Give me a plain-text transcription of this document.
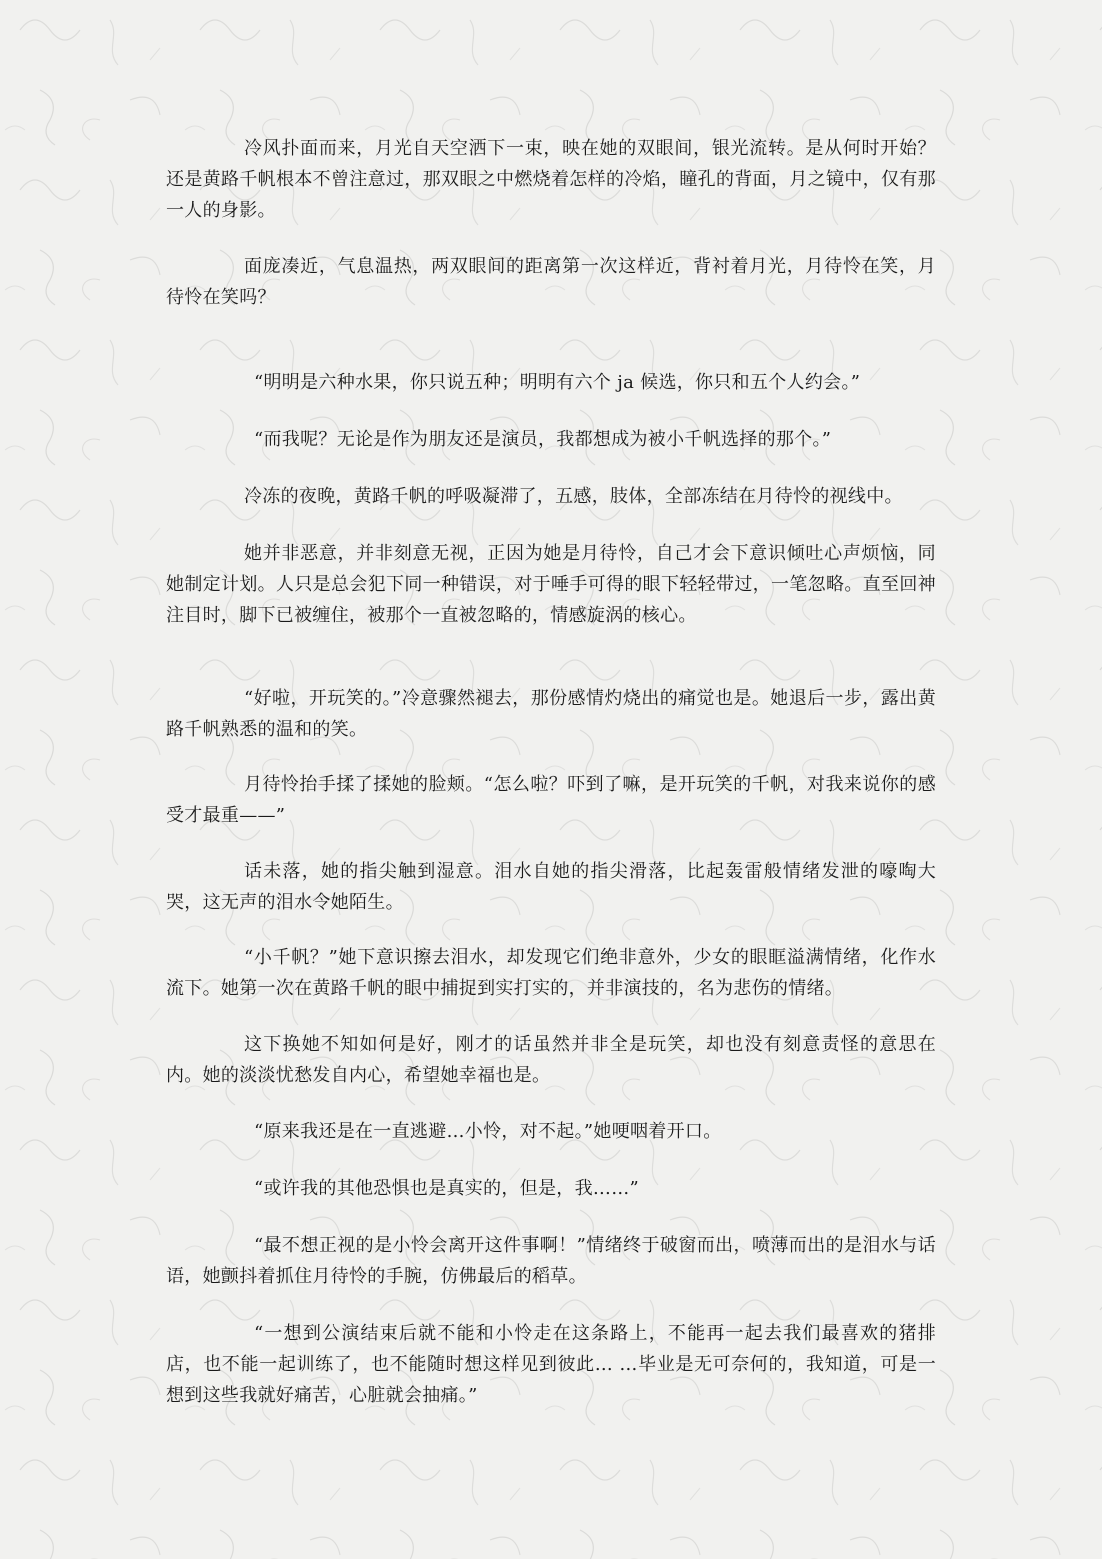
冷风扑面而来，月光自天空洒下一束，映在她的双眼间，银光流转。是从何时开始？还是黄路千帆根本不曾注意过，那双眼之中燃烧着怎样的冷焰，瞳孔的背面，月之镜中，仅有那一人的身影。

面庞凑近，气息温热，两双眼间的距离第一次这样近，背衬着月光，月待怜在笑，月待怜在笑吗？

“明明是六种水果，你只说五种；明明有六个 ja 候选，你只和五个人约会。”

“而我呢？无论是作为朋友还是演员，我都想成为被小千帆选择的那个。”

冷冻的夜晚，黄路千帆的呼吸凝滞了，五感，肢体，全部冻结在月待怜的视线中。

她并非恶意，并非刻意无视，正因为她是月待怜，自己才会下意识倾吐心声烦恼，同她制定计划。人只是总会犯下同一种错误，对于唾手可得的眼下轻轻带过，一笔忽略。直至回神注目时，脚下已被缠住，被那个一直被忽略的，情感旋涡的核心。

“好啦，开玩笑的。”冷意骤然褪去，那份感情灼烧出的痛觉也是。她退后一步，露出黄路千帆熟悉的温和的笑。

月待怜抬手揉了揉她的脸颊。“怎么啦？吓到了嘛，是开玩笑的千帆，对我来说你的感受才最重——”

话未落，她的指尖触到湿意。泪水自她的指尖滑落，比起轰雷般情绪发泄的嚎啕大哭，这无声的泪水令她陌生。

“小千帆？”她下意识擦去泪水，却发现它们绝非意外，少女的眼眶溢满情绪，化作水流下。她第一次在黄路千帆的眼中捕捉到实打实的，并非演技的，名为悲伤的情绪。

这下换她不知如何是好，刚才的话虽然并非全是玩笑，却也没有刻意责怪的意思在内。她的淡淡忧愁发自内心，希望她幸福也是。

“原来我还是在一直逃避…小怜，对不起。”她哽咽着开口。

“或许我的其他恐惧也是真实的，但是，我……”

“最不想正视的是小怜会离开这件事啊！”情绪终于破窗而出，喷薄而出的是泪水与话语，她颤抖着抓住月待怜的手腕，仿佛最后的稻草。

“一想到公演结束后就不能和小怜走在这条路上，不能再一起去我们最喜欢的猪排店，也不能一起训练了，也不能随时想这样见到彼此… …毕业是无可奈何的，我知道，可是一想到这些我就好痛苦，心脏就会抽痛。”
